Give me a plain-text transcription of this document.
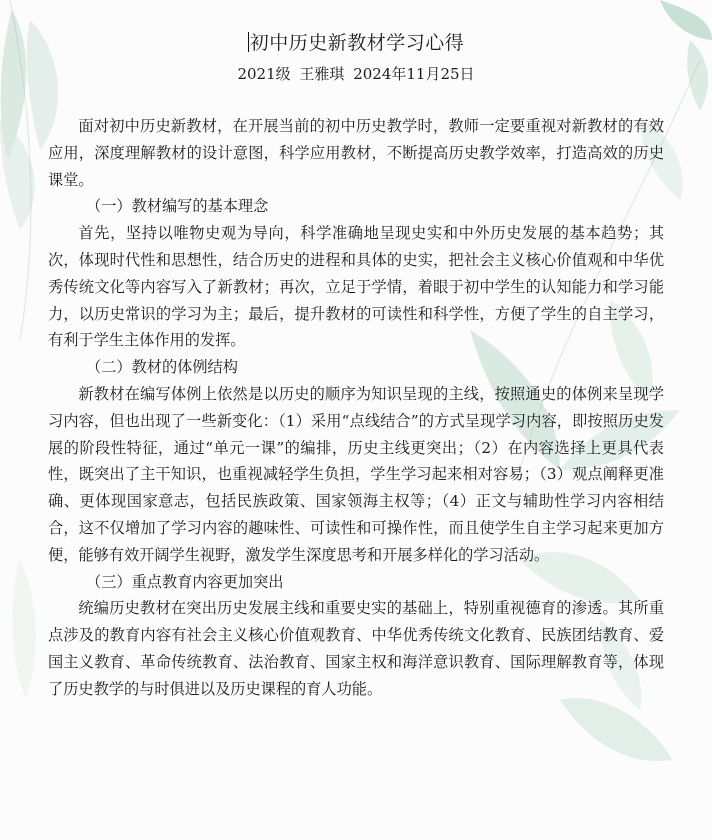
初中历史新教材学习心得
2021级 王雅琪 2024年11月25日

面对初中历史新教材，在开展当前的初中历史教学时，教师一定要重视对新教材的有效应用，深度理解教材的设计意图，科学应用教材，不断提高历史教学效率，打造高效的历史课堂。

（一）教材编写的基本理念

首先，坚持以唯物史观为导向，科学准确地呈现史实和中外历史发展的基本趋势；其次，体现时代性和思想性，结合历史的进程和具体的史实，把社会主义核心价值观和中华优秀传统文化等内容写入了新教材；再次，立足于学情，着眼于初中学生的认知能力和学习能力，以历史常识的学习为主；最后，提升教材的可读性和科学性，方便了学生的自主学习，有利于学生主体作用的发挥。

（二）教材的体例结构

新教材在编写体例上依然是以历史的顺序为知识呈现的主线，按照通史的体例来呈现学习内容，但也出现了一些新变化：（1）采用“点线结合”的方式呈现学习内容，即按照历史发展的阶段性特征，通过“单元一课”的编排，历史主线更突出；（2）在内容选择上更具代表性，既突出了主干知识，也重视减轻学生负担，学生学习起来相对容易；（3）观点阐释更准确、更体现国家意志，包括民族政策、国家领海主权等；（4）正文与辅助性学习内容相结合，这不仅增加了学习内容的趣味性、可读性和可操作性，而且使学生自主学习起来更加方便，能够有效开阔学生视野，激发学生深度思考和开展多样化的学习活动。

（三）重点教育内容更加突出

统编历史教材在突出历史发展主线和重要史实的基础上，特别重视德育的渗透。其所重点涉及的教育内容有社会主义核心价值观教育、中华优秀传统文化教育、民族团结教育、爱国主义教育、革命传统教育、法治教育、国家主权和海洋意识教育、国际理解教育等，体现了历史教学的与时俱进以及历史课程的育人功能。
